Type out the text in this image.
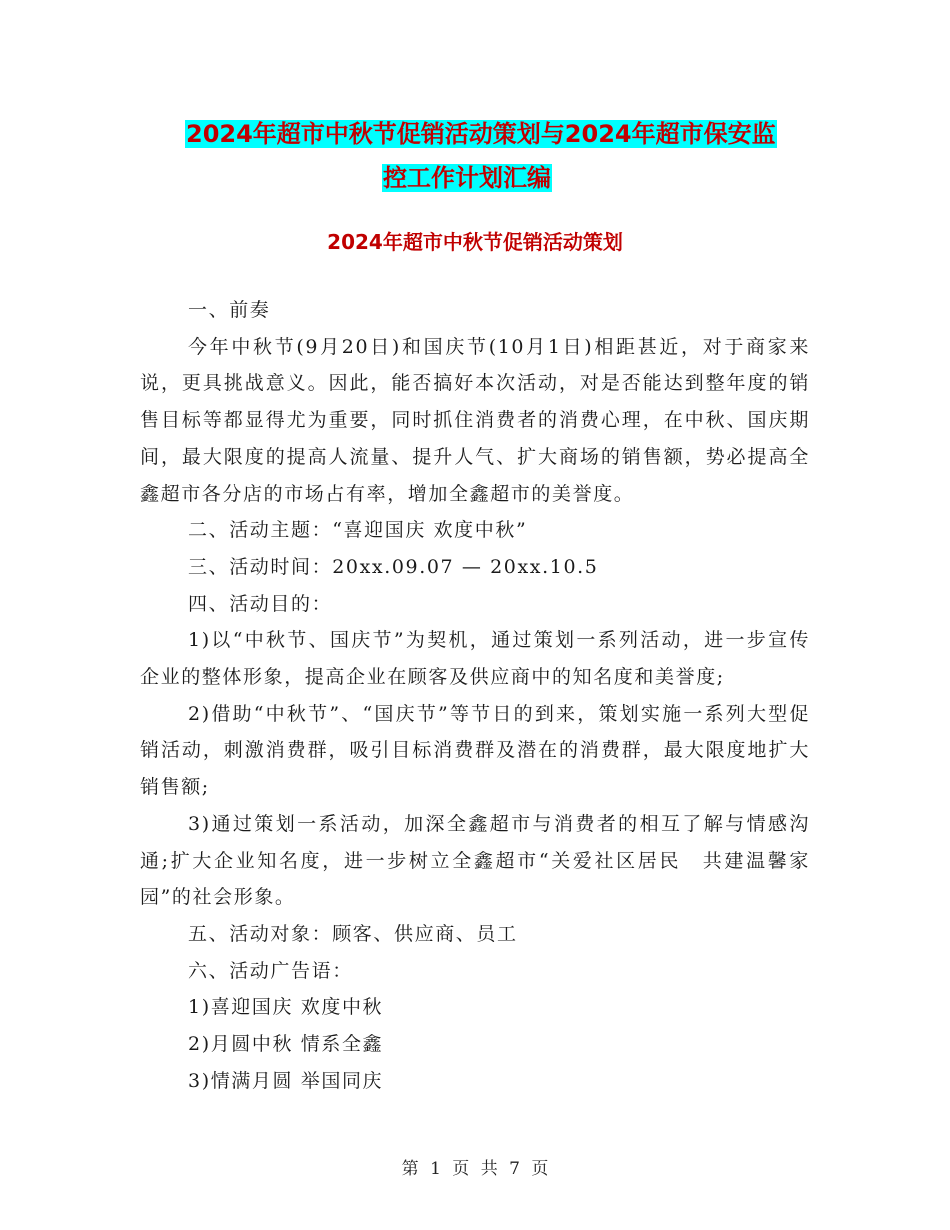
2024年超市中秋节促销活动策划与2024年超市保安监
控工作计划汇编
2024年超市中秋节促销活动策划

一、前奏

今年中秋节(9月20日)和国庆节(10月1日)相距甚近，对于商家来说，更具挑战意义。因此，能否搞好本次活动，对是否能达到整年度的销售目标等都显得尤为重要，同时抓住消费者的消费心理，在中秋、国庆期间，最大限度的提高人流量、提升人气、扩大商场的销售额，势必提高全鑫超市各分店的市场占有率，增加全鑫超市的美誉度。

二、活动主题：“喜迎国庆 欢度中秋”

三、活动时间：20xx.09.07 — 20xx.10.5

四、活动目的：

1)以“中秋节、国庆节”为契机，通过策划一系列活动，进一步宣传企业的整体形象，提高企业在顾客及供应商中的知名度和美誉度;

2)借助“中秋节”、“国庆节”等节日的到来，策划实施一系列大型促销活动，刺激消费群，吸引目标消费群及潜在的消费群，最大限度地扩大销售额;

3)通过策划一系活动，加深全鑫超市与消费者的相互了解与情感沟通;扩大企业知名度，进一步树立全鑫超市“关爱社区居民　共建温馨家园”的社会形象。

五、活动对象：顾客、供应商、员工

六、活动广告语：

1)喜迎国庆 欢度中秋

2)月圆中秋 情系全鑫

3)情满月圆 举国同庆

第 1 页 共 7 页
